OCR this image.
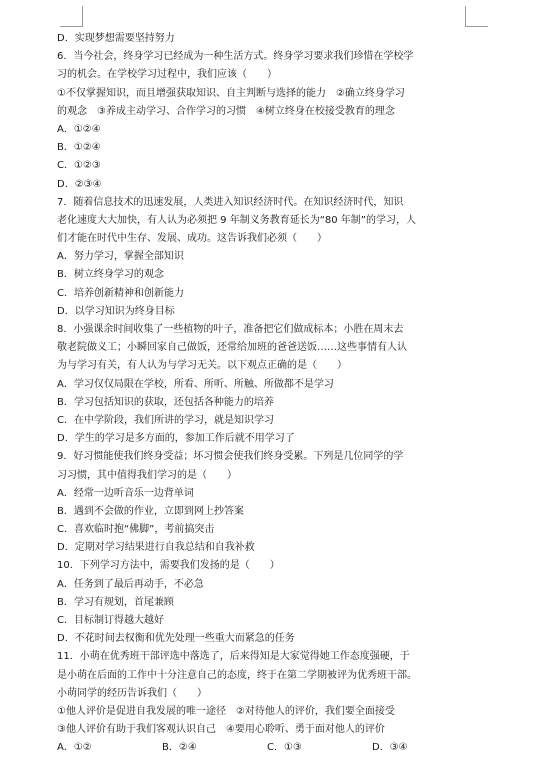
D．实现梦想需要坚持努力
6．当今社会，终身学习已经成为一种生活方式。终身学习要求我们珍惜在学校学
习的机会。在学校学习过程中，我们应该（　　）
①不仅掌握知识，而且增强获取知识、自主判断与选择的能力　②确立终身学习
的观念　③养成主动学习、合作学习的习惯　④树立终身在校接受教育的理念
A．①②④
B．①②④
C．①②③
D．②③④
7．随着信息技术的迅速发展，人类进入知识经济时代。在知识经济时代，知识
老化速度大大加快，有人认为必须把 9 年制义务教育延长为“80 年制”的学习，人
们才能在时代中生存、发展、成功。这告诉我们必须（　　）
A．努力学习，掌握全部知识
B．树立终身学习的观念
C．培养创新精神和创新能力
D．以学习知识为终身目标
8．小强课余时间收集了一些植物的叶子，准备把它们做成标本；小胜在周末去
敬老院做义工；小瞬回家自己做饭，还常给加班的爸爸送饭……这些事情有人认
为与学习有关，有人认为与学习无关。以下观点正确的是（　　）
A．学习仅仅局限在学校，所看、所听、所触、所做都不是学习
B．学习包括知识的获取，还包括各种能力的培养
C．在中学阶段，我们所讲的学习，就是知识学习
D．学生的学习是多方面的，参加工作后就不用学习了
9．好习惯能使我们终身受益；坏习惯会使我们终身受累。下列是几位同学的学
习习惯，其中值得我们学习的是（　　）
A．经常一边听音乐一边背单词
B．遇到不会做的作业，立即到网上抄答案
C．喜欢临时抱“佛脚”，考前搞突击
D．定期对学习结果进行自我总结和自我补救
10．下列学习方法中，需要我们发扬的是（　　）
A．任务到了最后再动手，不必急
B．学习有规划，首尾兼顾
C．目标制订得越大越好
D．不花时间去权衡和优先处理一些重大而紧急的任务
11．小萌在优秀班干部评选中落选了，后来得知是大家觉得她工作态度强硬，于
是小萌在后面的工作中十分注意自己的态度，终于在第二学期被评为优秀班干部。
小萌同学的经历告诉我们（　　）
①他人评价是促进自我发展的唯一途径　②对待他人的评价，我们要全面接受
③他人评价有助于我们客观认识自己　④要用心聆听、勇于面对他人的评价
A．①②	B．②④	C．①③	D．③④
